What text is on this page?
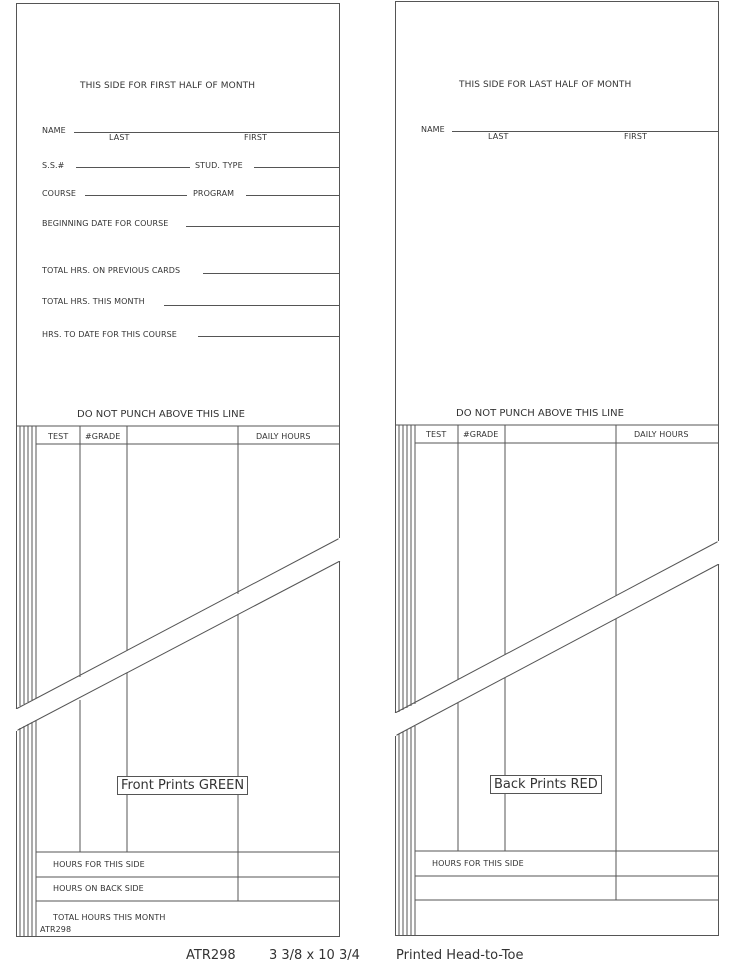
THIS SIDE FOR FIRST HALF OF MONTH
NAME
LAST	FIRST
S.S.#	STUD. TYPE
COURSE	PROGRAM
BEGINNING DATE FOR COURSE
TOTAL HRS. ON PREVIOUS CARDS
TOTAL HRS. THIS MONTH
HRS. TO DATE FOR THIS COURSE
DO NOT PUNCH ABOVE THIS LINE
TEST #GRADE	DAILY HOURS
HOURS FOR THIS SIDE
HOURS ON BACK SIDE
TOTAL HOURS THIS MONTH
ATR298
THIS SIDE FOR LAST HALF OF MONTH
NAME
LAST	FIRST
DO NOT PUNCH ABOVE THIS LINE
TEST #GRADE	DAILY HOURS
HOURS FOR THIS SIDE
Front Prints GREEN	Back Prints RED
ATR298	3 3/8 x 10 3/4	Printed Head-to-Toe
